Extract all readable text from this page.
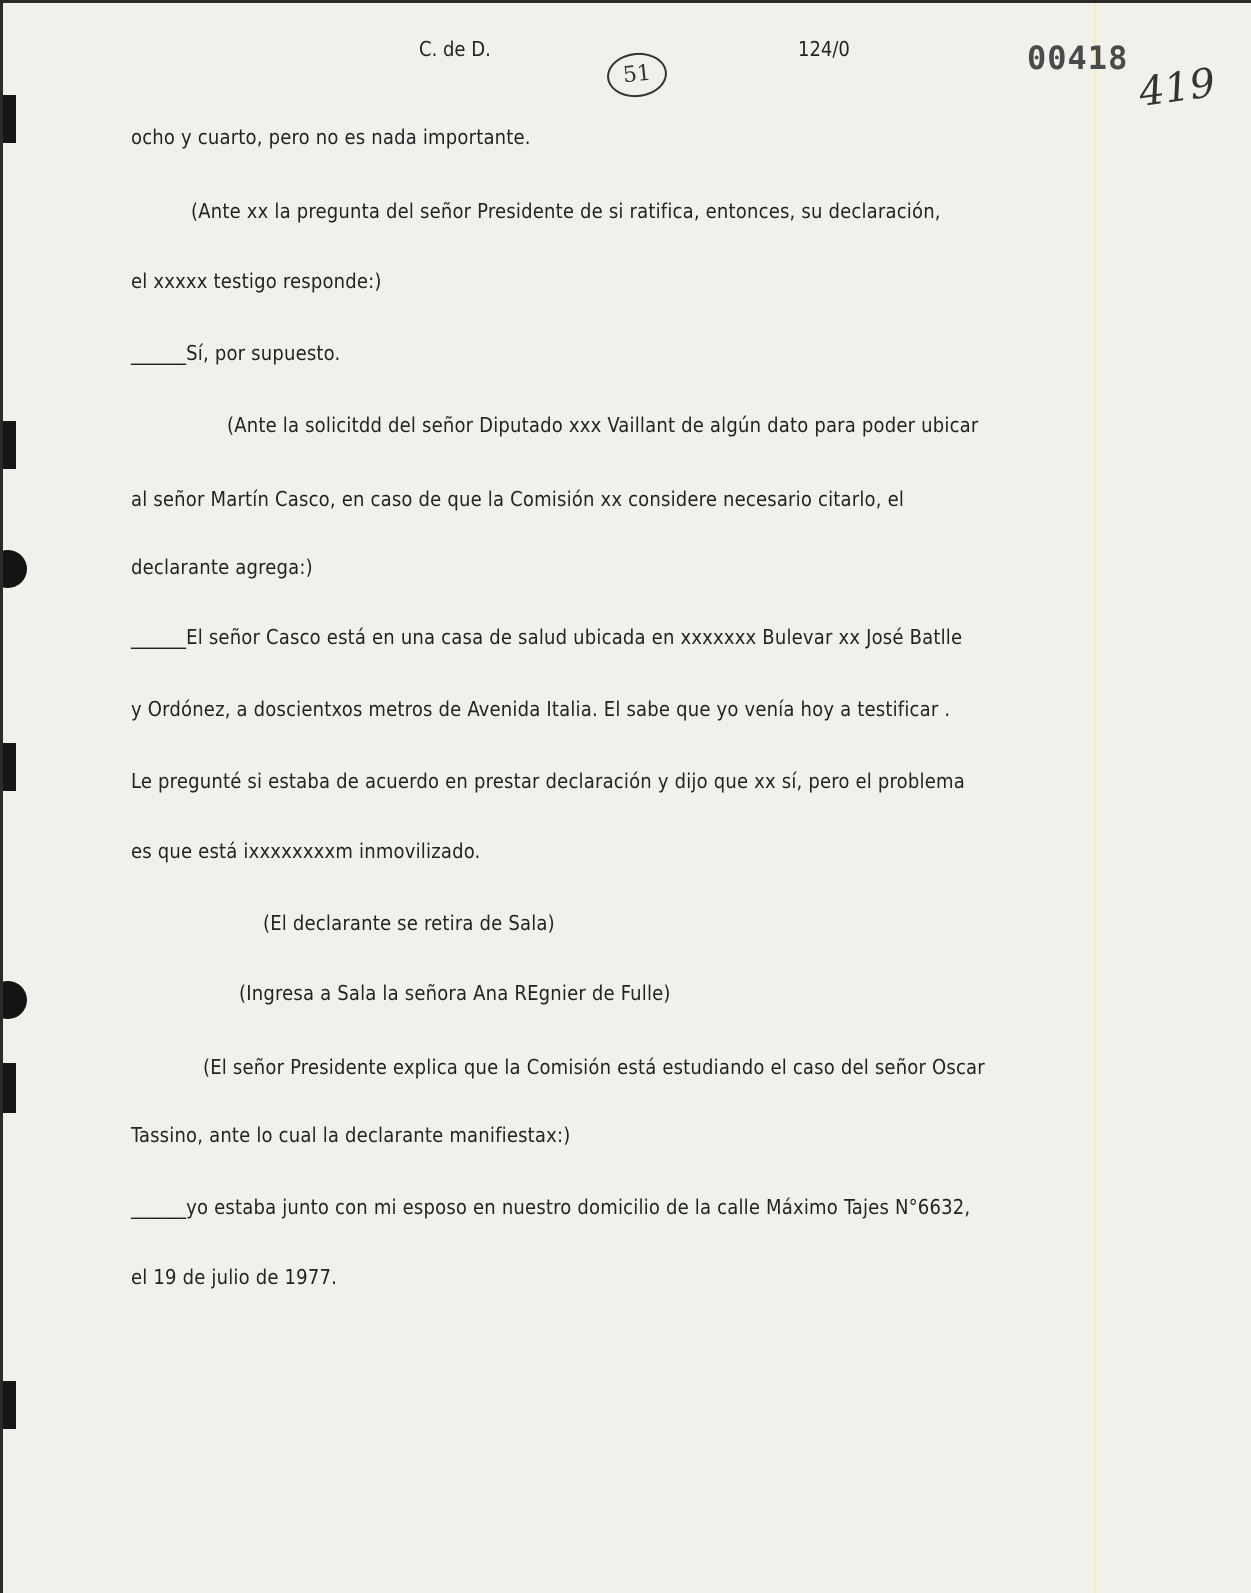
C. de D.	124/0
51	00418
419
ocho y cuarto, pero no es nada importante.
(Ante xx la pregunta del señor Presidente de si ratifica, entonces, su declaración,
el xxxxx testigo responde:)
______Sí, por supuesto.
(Ante la solicitdd del señor Diputado xxx Vaillant de algún dato para poder ubicar
al señor Martín Casco, en caso de que la Comisión xx considere necesario citarlo, el
declarante agrega:)
______El señor Casco está en una casa de salud ubicada en xxxxxxx Bulevar xx José Batlle
y Ordónez, a doscientxos metros de Avenida Italia. El sabe que yo venía hoy a testificar .
Le pregunté si estaba de acuerdo en prestar declaración y dijo que xx sí, pero el problema
es que está ixxxxxxxxm inmovilizado.
(El declarante se retira de Sala)
(Ingresa a Sala la señora Ana REgnier de Fulle)
(El señor Presidente explica que la Comisión está estudiando el caso del señor Oscar
Tassino, ante lo cual la declarante manifiestax:)
______yo estaba junto con mi esposo en nuestro domicilio de la calle Máximo Tajes N°6632,
el 19 de julio de 1977.
